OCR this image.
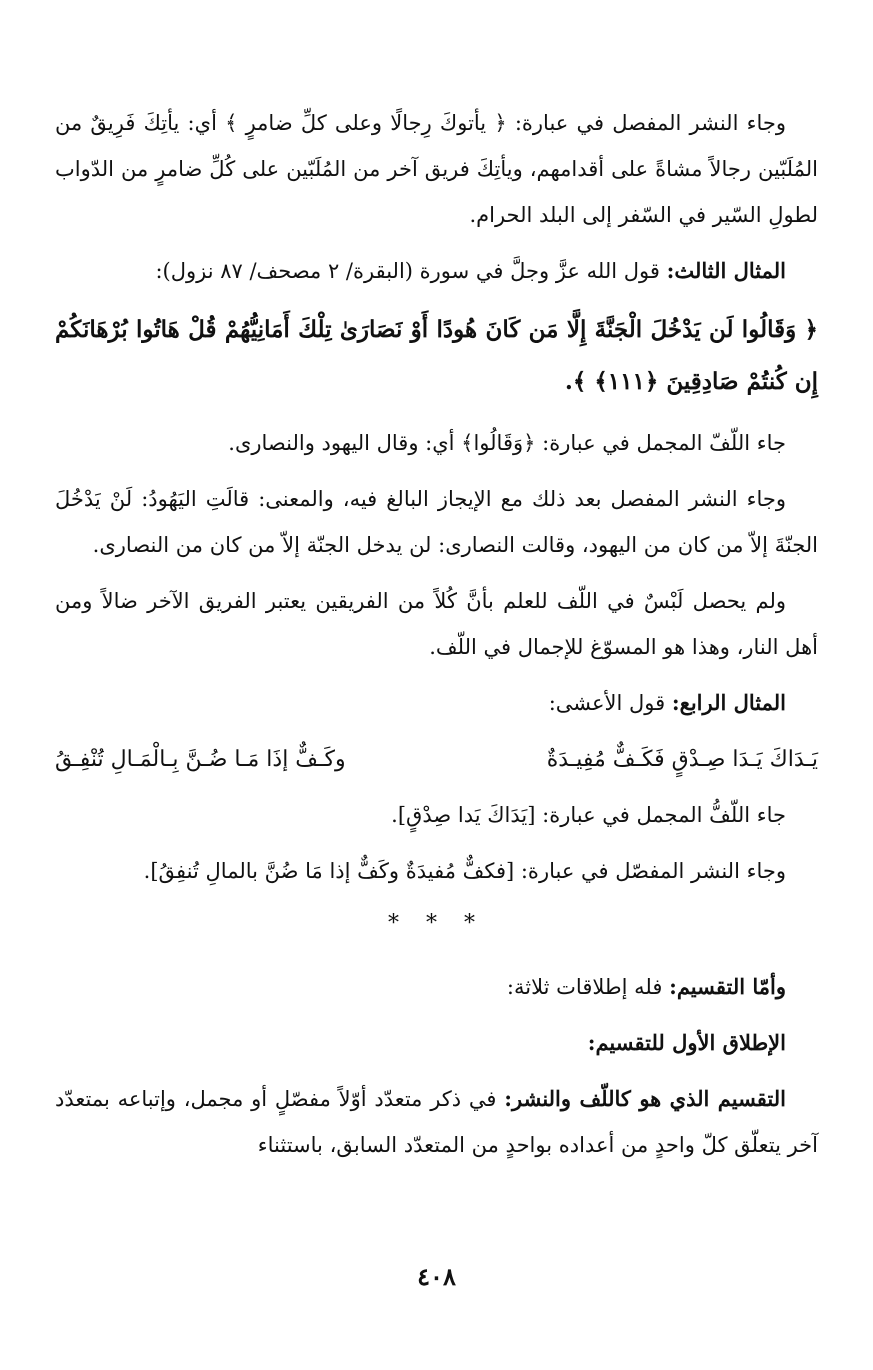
وجاء النشر المفصل في عبارة: ﴿ يأتوكَ رِجالًا وعلى كلِّ ضامرٍ ﴾ أي: يأتِكَ فَرِيقٌ من المُلَبّين رجالاً مشاةً على أقدامهم، ويأتِكَ فريق آخر من المُلَبّين على كُلِّ ضامرٍ من الدّواب لطولِ السّير في السّفر إلى البلد الحرام.

المثال الثالث: قول الله عزَّ وجلَّ في سورة (البقرة/ ٢ مصحف/ ٨٧ نزول):

﴿ وَقَالُوا لَن يَدْخُلَ الْجَنَّةَ إِلَّا مَن كَانَ هُودًا أَوْ نَصَارَىٰ تِلْكَ أَمَانِيُّهُمْ قُلْ هَاتُوا بُرْهَانَكُمْ إِن كُنتُمْ صَادِقِينَ ﴿١١١﴾ ﴾.

جاء اللّفّ المجمل في عبارة: ﴿وَقَالُوا﴾ أي: وقال اليهود والنصارى.

وجاء النشر المفصل بعد ذلك مع الإيجاز البالغ فيه، والمعنى: قالَتِ اليَهُودُ: لَنْ يَدْخُلَ الجنّةَ إلاّ من كان من اليهود، وقالت النصارى: لن يدخل الجنّة إلاّ من كان من النصارى.

ولم يحصل لَبْسٌ في اللّف للعلم بأنَّ كُلاً من الفريقين يعتبر الفريق الآخر ضالاً ومن أهل النار، وهذا هو المسوّغ للإجمال في اللّف.

المثال الرابع: قول الأعشى:

يَـدَاكَ يَـدَا صِـدْقٍ فَكَـفٌّ مُفِيـدَةٌ
وكَـفٌّ إذَا مَـا ضُـنَّ بِـالْمَـالِ تُنْفِـقُ

جاء اللّفُّ المجمل في عبارة: [يَدَاكَ يَدا صِدْقٍ].

وجاء النشر المفصّل في عبارة: [فكفٌّ مُفيدَةٌ وكَفٌّ إذا مَا ضُنَّ بالمالِ تُنفِقُ].

* * *

وأمّا التقسيم: فله إطلاقات ثلاثة:

الإطلاق الأول للتقسيم:

التقسيم الذي هو كاللّف والنشر: في ذكر متعدّد أوّلاً مفصّلٍ أو مجمل، وإتباعه بمتعدّد آخر يتعلّق كلّ واحدٍ من أعداده بواحدٍ من المتعدّد السابق، باستثناء

٤٠٨
